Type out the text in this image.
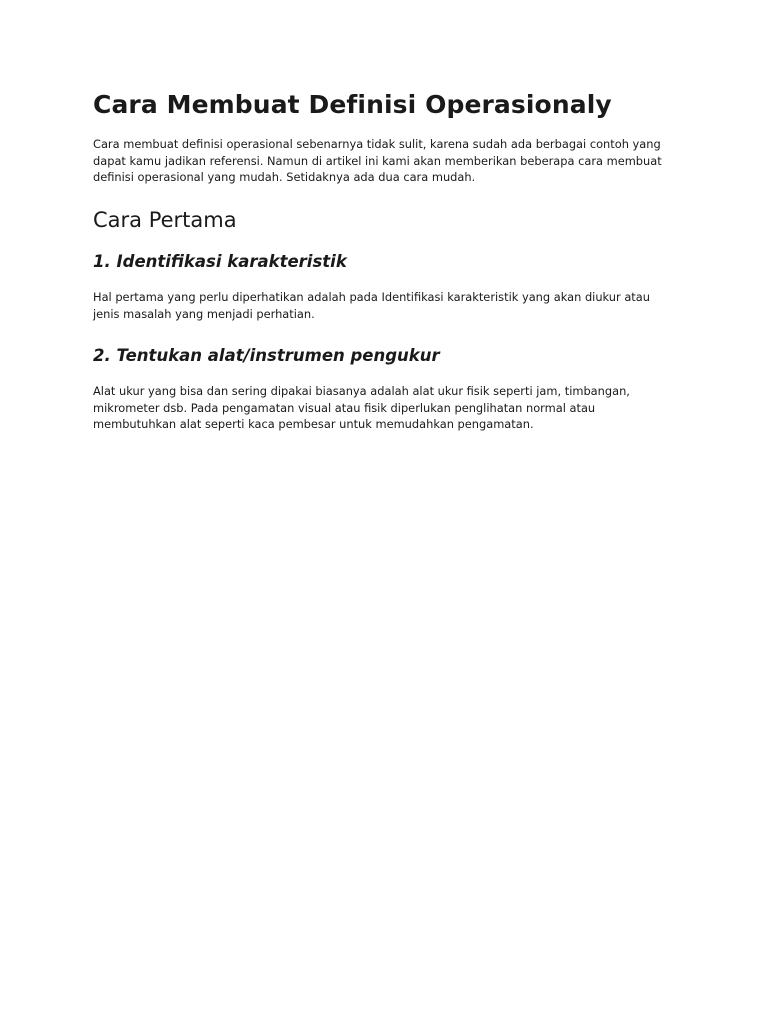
Cara Membuat Definisi Operasionaly

Cara membuat definisi operasional sebenarnya tidak sulit, karena sudah ada berbagai contoh yang dapat kamu jadikan referensi. Namun di artikel ini kami akan memberikan beberapa cara membuat definisi operasional yang mudah. Setidaknya ada dua cara mudah.

Cara Pertama
1. Identifikasi karakteristik

Hal pertama yang perlu diperhatikan adalah pada Identifikasi karakteristik yang akan diukur atau jenis masalah yang menjadi perhatian.

2. Tentukan alat/instrumen pengukur

Alat ukur yang bisa dan sering dipakai biasanya adalah alat ukur fisik seperti jam, timbangan, mikrometer dsb. Pada pengamatan visual atau fisik diperlukan penglihatan normal atau membutuhkan alat seperti kaca pembesar untuk memudahkan pengamatan.
